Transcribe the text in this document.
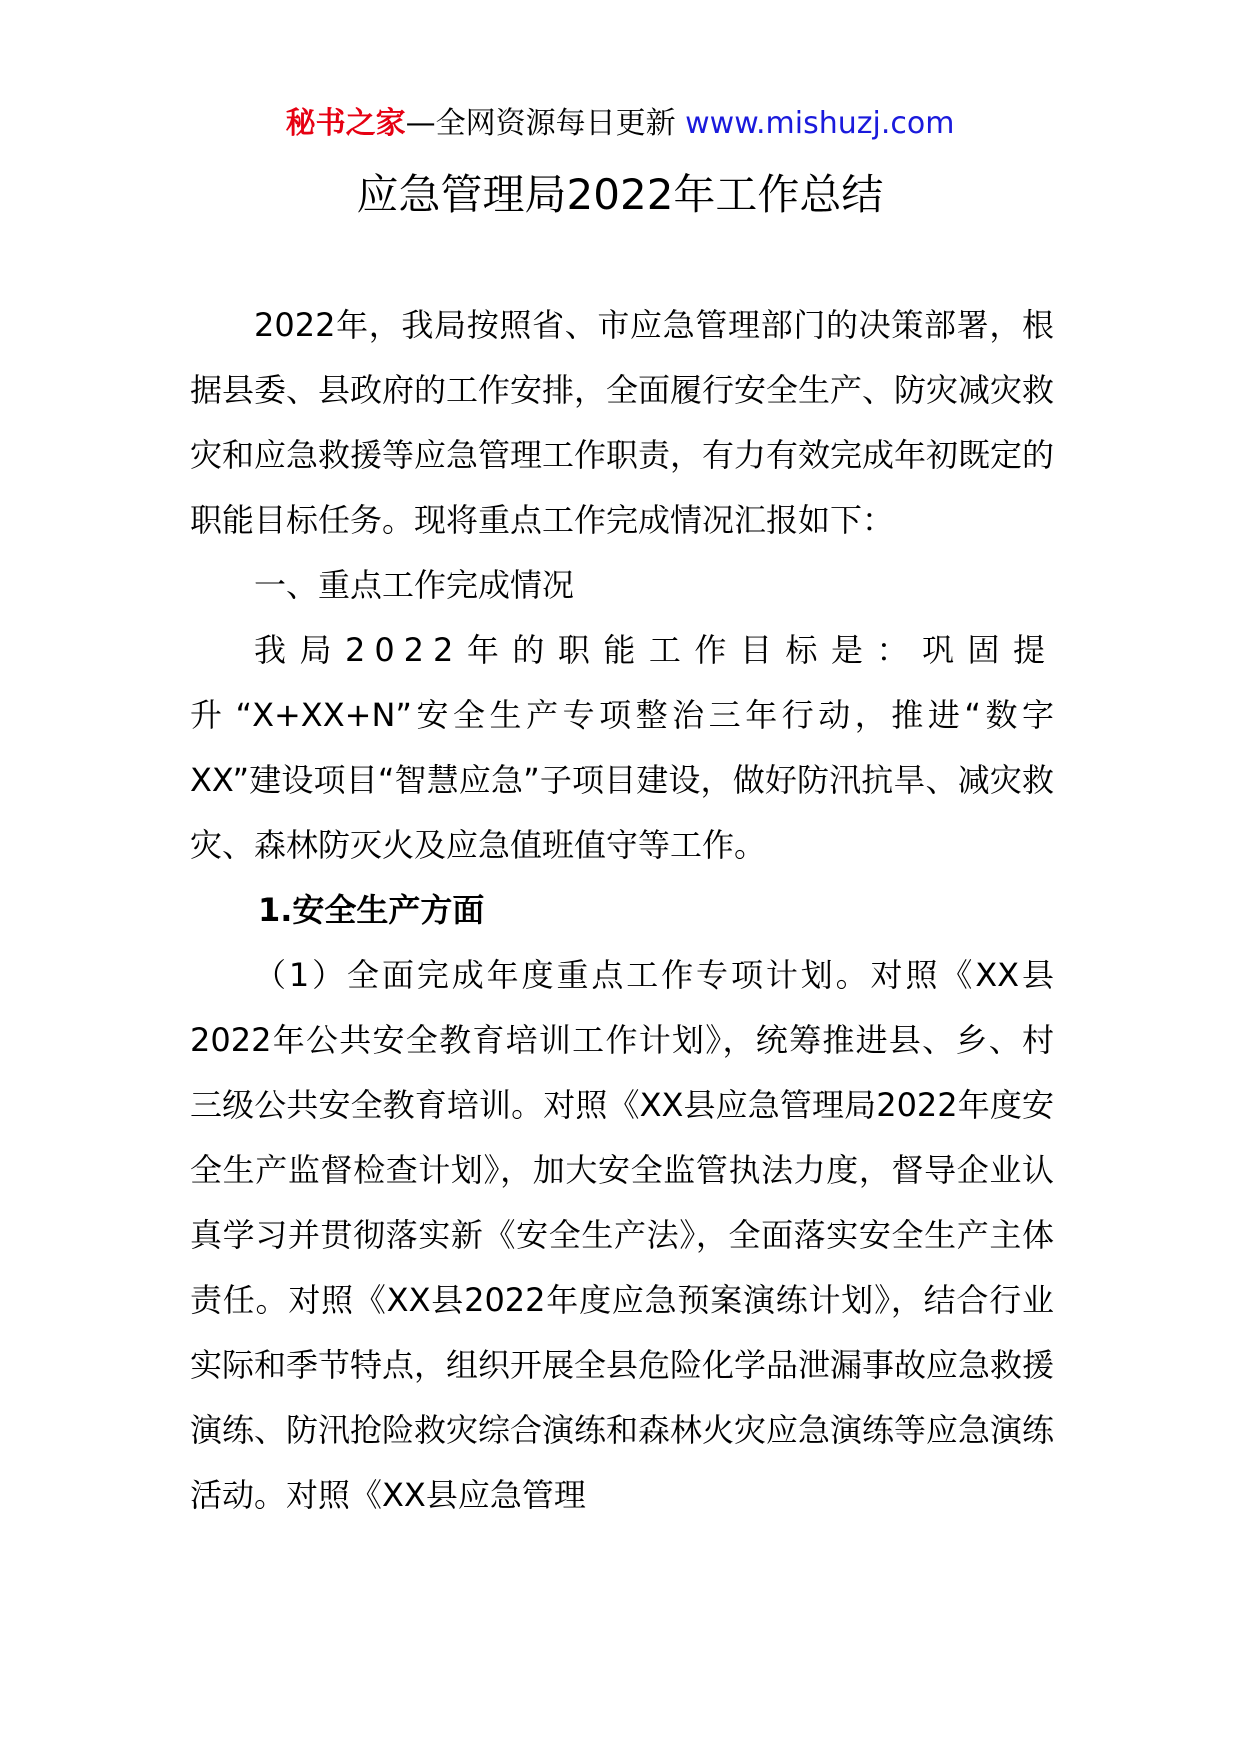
秘书之家—全网资源每日更新 www.mishuzj.com
应急管理局2022年工作总结

2022年，我局按照省、市应急管理部门的决策部署，根据县委、县政府的工作安排，全面履行安全生产、防灾减灾救灾和应急救援等应急管理工作职责，有力有效完成年初既定的职能目标任务。现将重点工作完成情况汇报如下：

一、重点工作完成情况

我局2022年的职能工作目标是：巩固提升“X+XX+N”安全生产专项整治三年行动，推进“数字XX”建设项目“智慧应急”子项目建设，做好防汛抗旱、减灾救灾、森林防灭火及应急值班值守等工作。

1.安全生产方面

（1）全面完成年度重点工作专项计划。对照《XX县2022年公共安全教育培训工作计划》，统筹推进县、乡、村三级公共安全教育培训。对照《XX县应急管理局2022年度安全生产监督检查计划》，加大安全监管执法力度，督导企业认真学习并贯彻落实新《安全生产法》，全面落实安全生产主体责任。对照《XX县2022年度应急预案演练计划》，结合行业实际和季节特点，组织开展全县危险化学品泄漏事故应急救援演练、防汛抢险救灾综合演练和森林火灾应急演练等应急演练活动。对照《XX县应急管理
